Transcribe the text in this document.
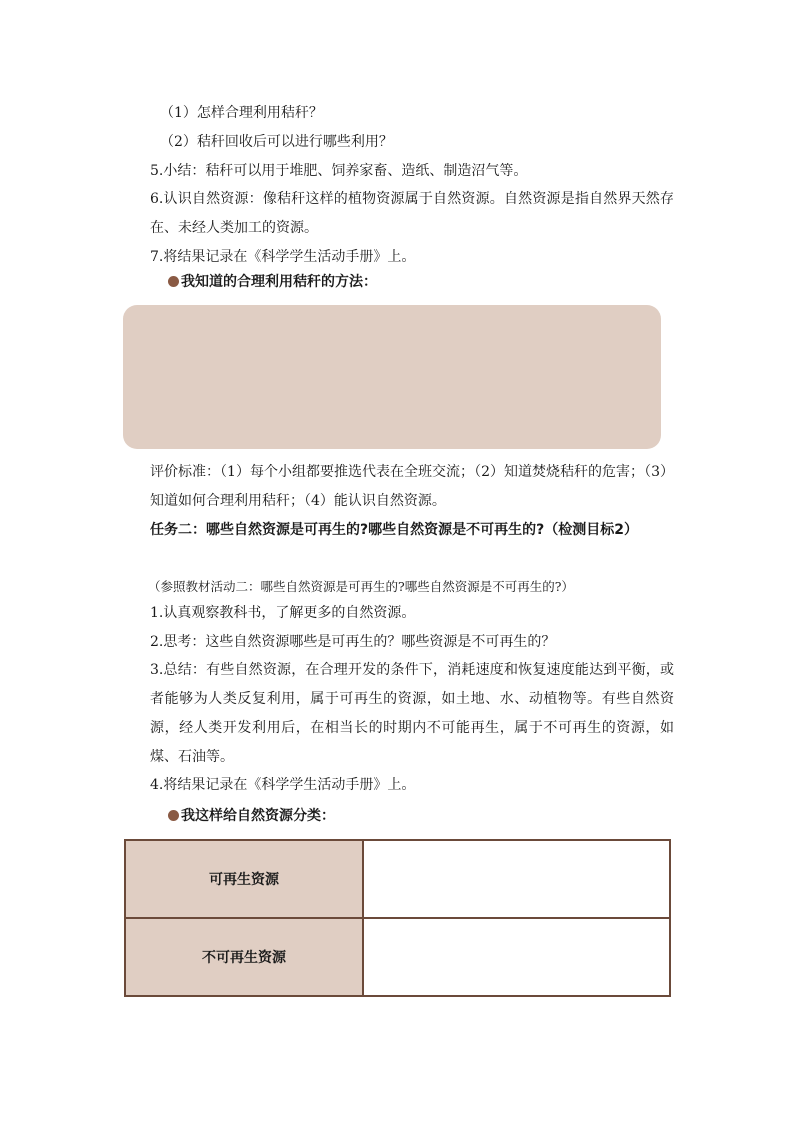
（1）怎样合理利用秸秆？
（2）秸秆回收后可以进行哪些利用？
5.小结：秸秆可以用于堆肥、饲养家畜、造纸、制造沼气等。
6.认识自然资源：像秸秆这样的植物资源属于自然资源。自然资源是指自然界天然存在、未经人类加工的资源。
7.将结果记录在《科学学生活动手册》上。
我知道的合理利用秸秆的方法：
评价标准：（1）每个小组都要推选代表在全班交流；（2）知道焚烧秸秆的危害；（3）知道如何合理利用秸秆；（4）能认识自然资源。
任务二：哪些自然资源是可再生的?哪些自然资源是不可再生的?（检测目标2）
（参照教材活动二：哪些自然资源是可再生的?哪些自然资源是不可再生的?）
1.认真观察教科书，了解更多的自然资源。
2.思考：这些自然资源哪些是可再生的？哪些资源是不可再生的？
3.总结：有些自然资源，在合理开发的条件下，消耗速度和恢复速度能达到平衡，或者能够为人类反复利用，属于可再生的资源，如土地、水、动植物等。有些自然资源，经人类开发利用后，在相当长的时期内不可能再生，属于不可再生的资源，如煤、石油等。
4.将结果记录在《科学学生活动手册》上。
我这样给自然资源分类：
可再生资源	
不可再生资源	
